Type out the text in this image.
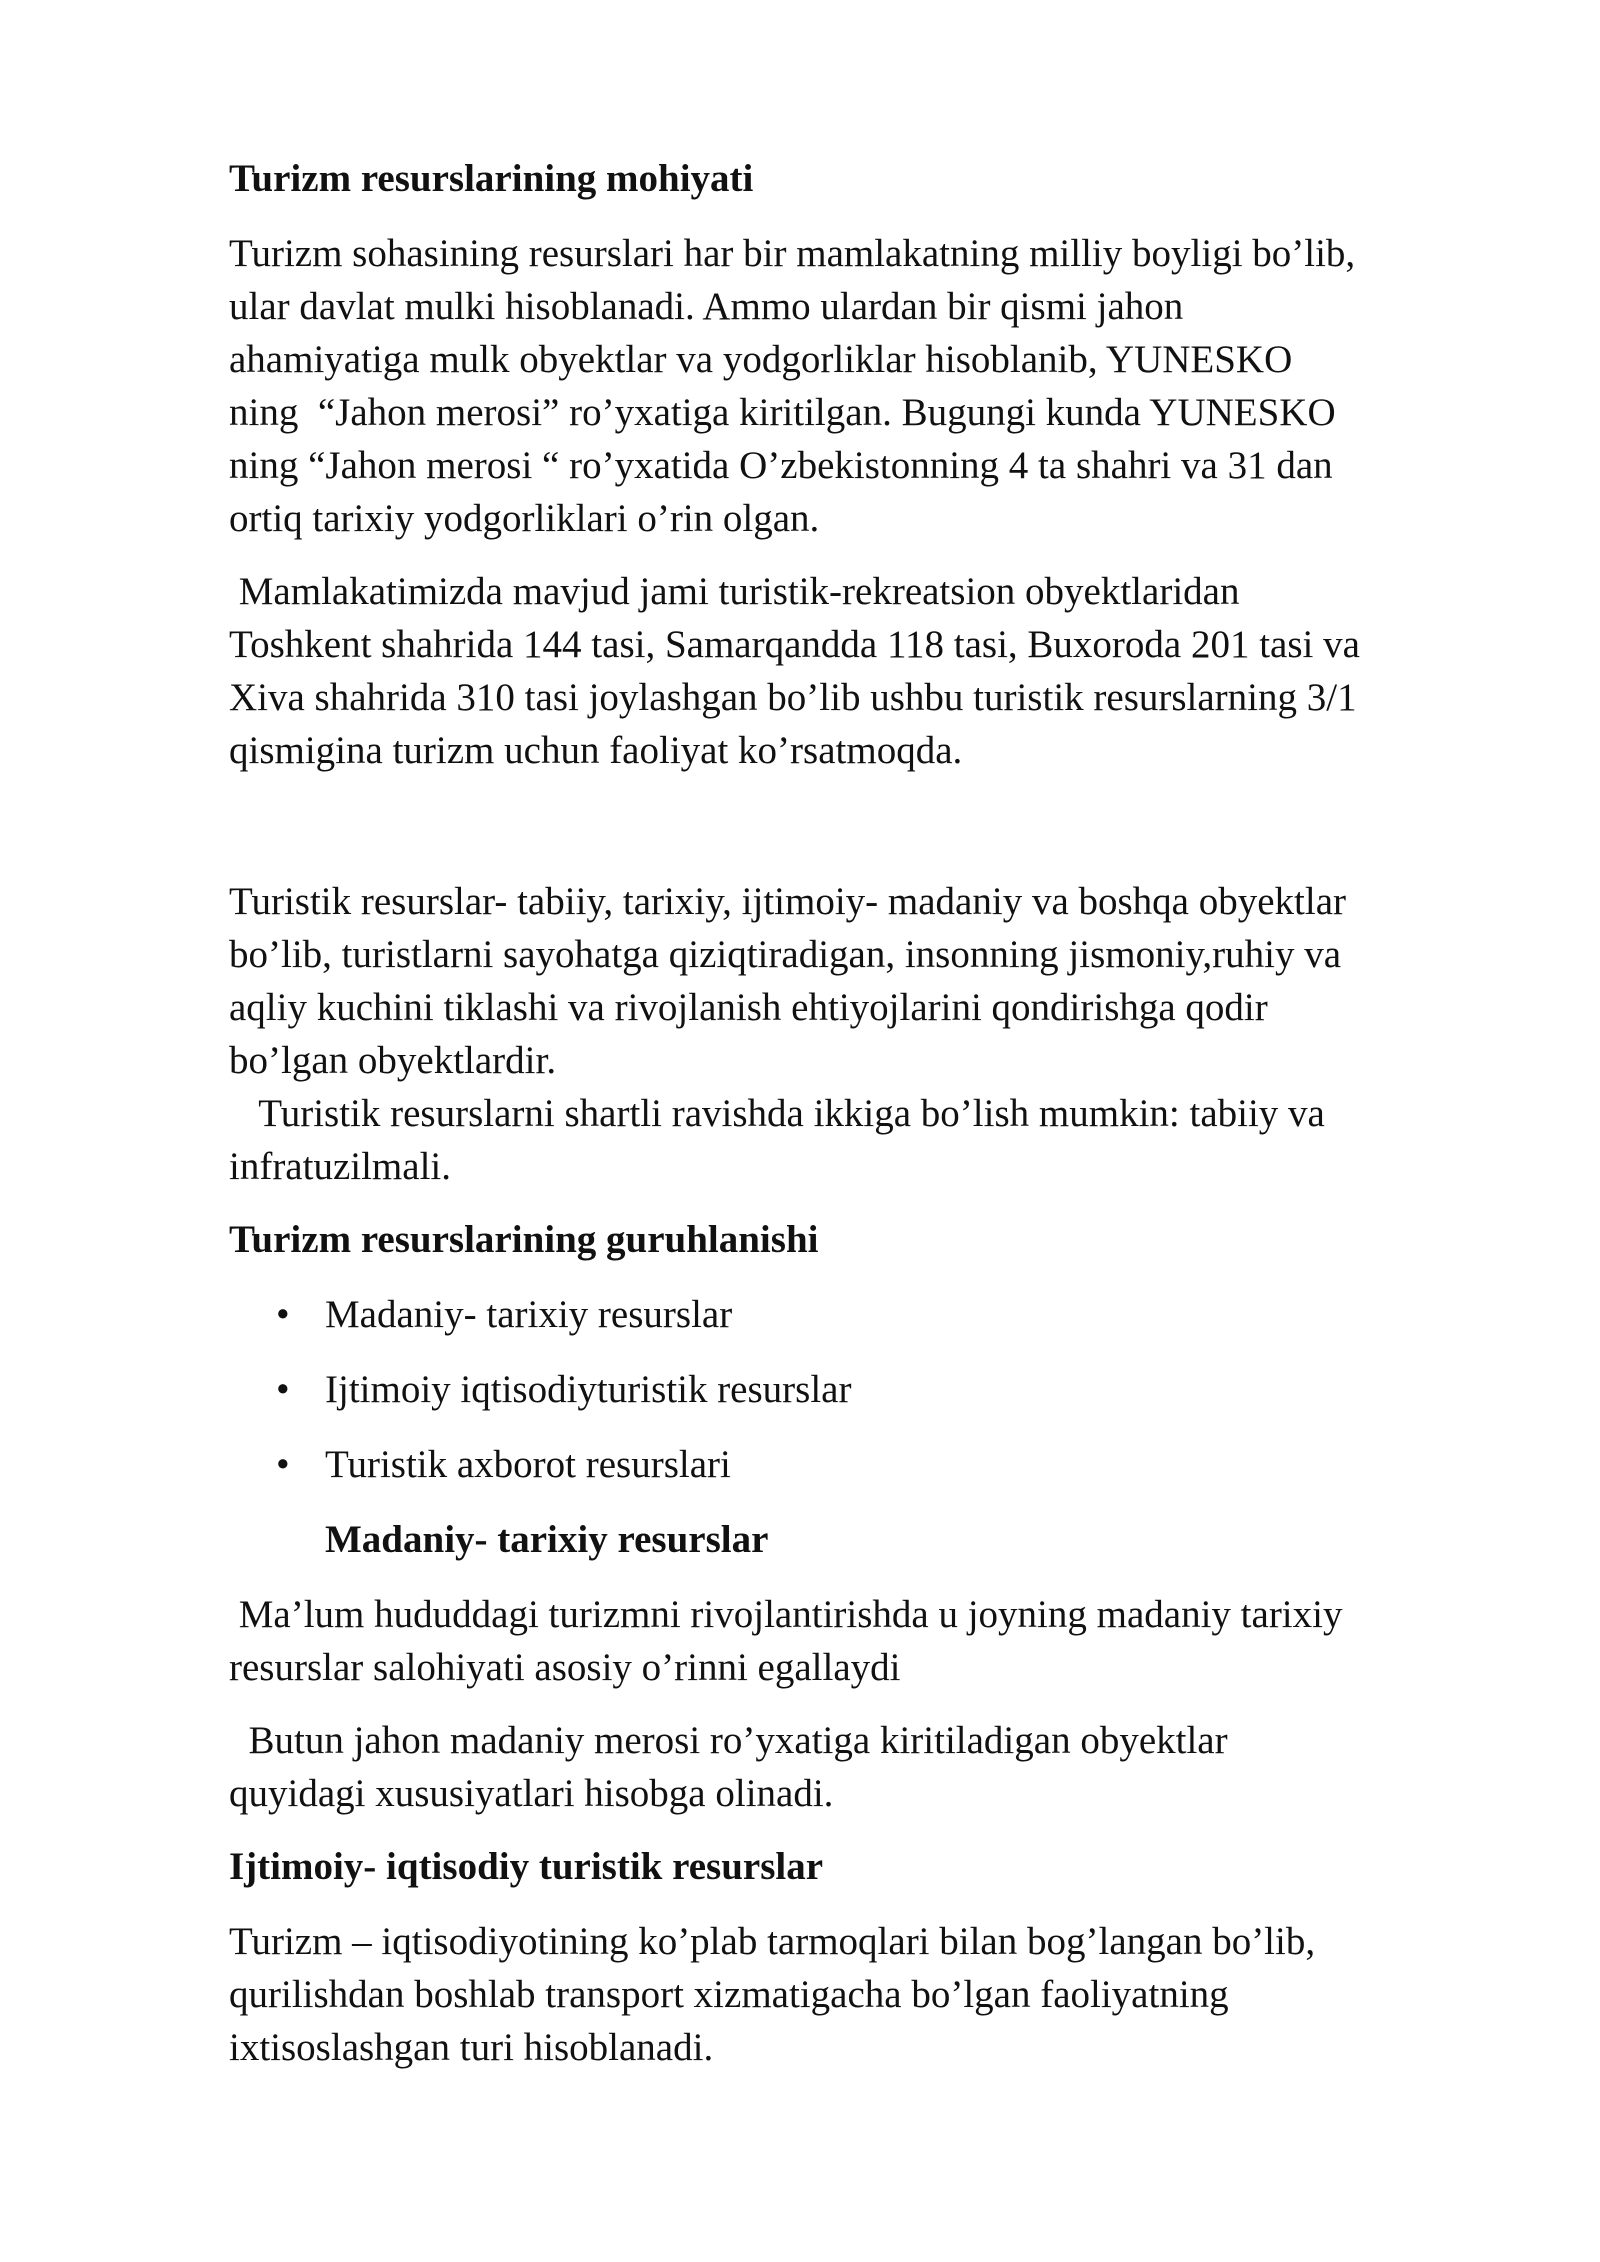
Turizm resurslarining mohiyati

Turizm sohasining resurslari har bir mamlakatning milliy boyligi bo’lib,
ular davlat mulki hisoblanadi. Ammo ulardan bir qismi jahon
ahamiyatiga mulk obyektlar va yodgorliklar hisoblanib, YUNESKO
ning  “Jahon merosi” ro’yxatiga kiritilgan. Bugungi kunda YUNESKO
ning “Jahon merosi “ ro’yxatida O’zbekistonning 4 ta shahri va 31 dan
ortiq tarixiy yodgorliklari o’rin olgan.

Mamlakatimizda mavjud jami turistik-rekreatsion obyektlaridan
Toshkent shahrida 144 tasi, Samarqandda 118 tasi, Buxoroda 201 tasi va
Xiva shahrida 310 tasi joylashgan bo’lib ushbu turistik resurslarning 3/1
qismigina turizm uchun faoliyat ko’rsatmoqda.

Turistik resurslar- tabiiy, tarixiy, ijtimoiy- madaniy va boshqa obyektlar
bo’lib, turistlarni sayohatga qiziqtiradigan, insonning jismoniy,ruhiy va
aqliy kuchini tiklashi va rivojlanish ehtiyojlarini qondirishga qodir
bo’lgan obyektlardir.

Turistik resurslarni shartli ravishda ikkiga bo’lish mumkin: tabiiy va
infratuzilmali.

Turizm resurslarining guruhlanishi

• Madaniy- tarixiy resurslar
• Ijtimoiy iqtisodiyturistik resurslar
• Turistik axborot resurslari

Madaniy- tarixiy resurslar

Ma’lum hududdagi turizmni rivojlantirishda u joyning madaniy tarixiy
resurslar salohiyati asosiy o’rinni egallaydi

Butun jahon madaniy merosi ro’yxatiga kiritiladigan obyektlar
quyidagi xususiyatlari hisobga olinadi.

Ijtimoiy- iqtisodiy turistik resurslar

Turizm – iqtisodiyotining ko’plab tarmoqlari bilan bog’langan bo’lib,
qurilishdan boshlab transport xizmatigacha bo’lgan faoliyatning
ixtisoslashgan turi hisoblanadi.
